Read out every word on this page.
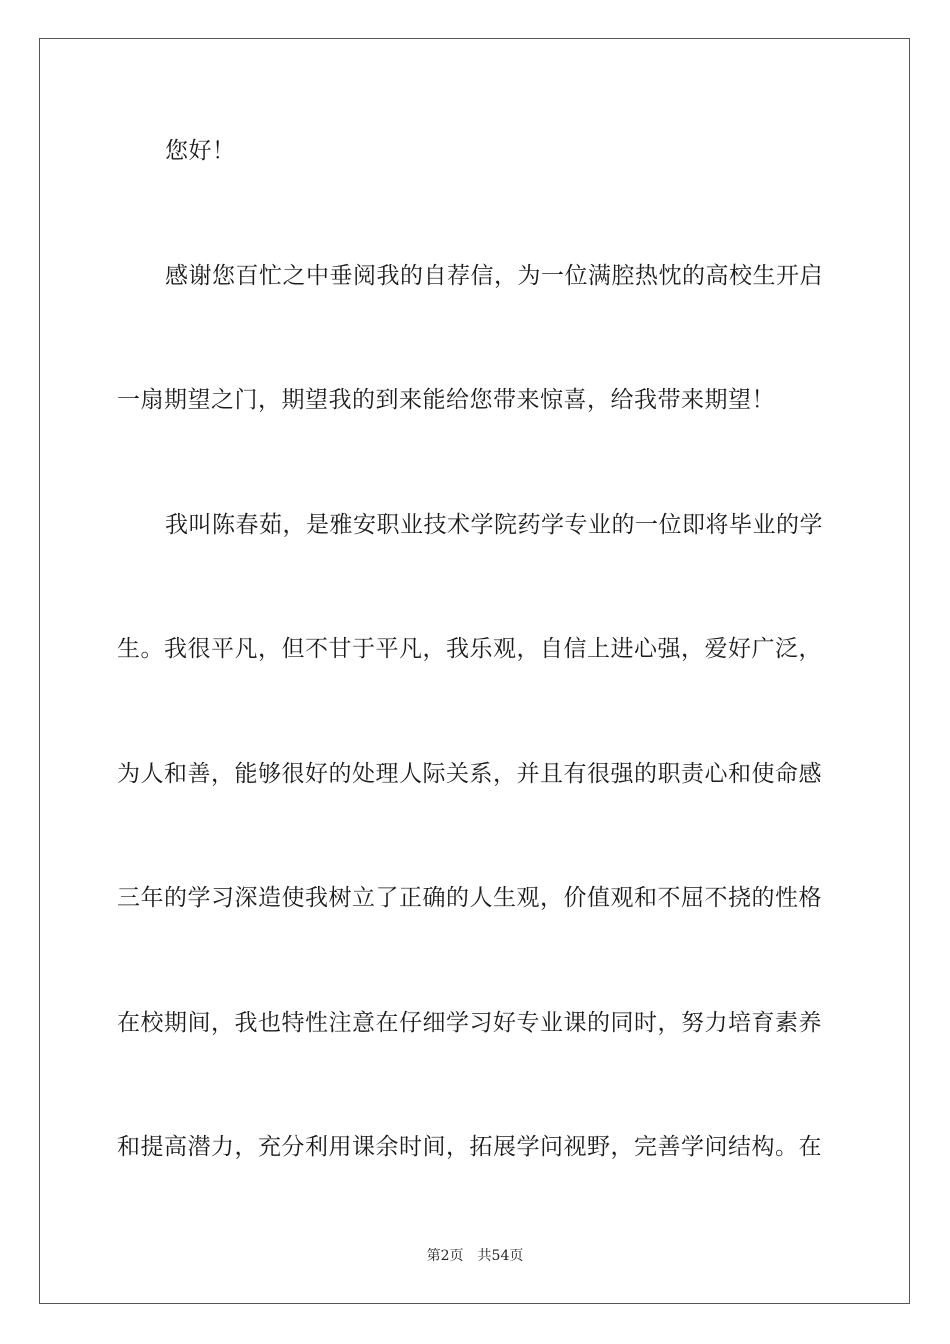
您好！
感谢您百忙之中垂阅我的自荐信，为一位满腔热忱的高校生开启
一扇期望之门，期望我的到来能给您带来惊喜，给我带来期望！
我叫陈春茹，是雅安职业技术学院药学专业的一位即将毕业的学
生。我很平凡，但不甘于平凡，我乐观，自信上进心强，爱好广泛，
为人和善，能够很好的处理人际关系，并且有很强的职责心和使命感
三年的学习深造使我树立了正确的人生观，价值观和不屈不挠的性格
在校期间，我也特性注意在仔细学习好专业课的同时，努力培育素养
和提高潜力，充分利用课余时间，拓展学问视野，完善学问结构。在
第2页 共54页
